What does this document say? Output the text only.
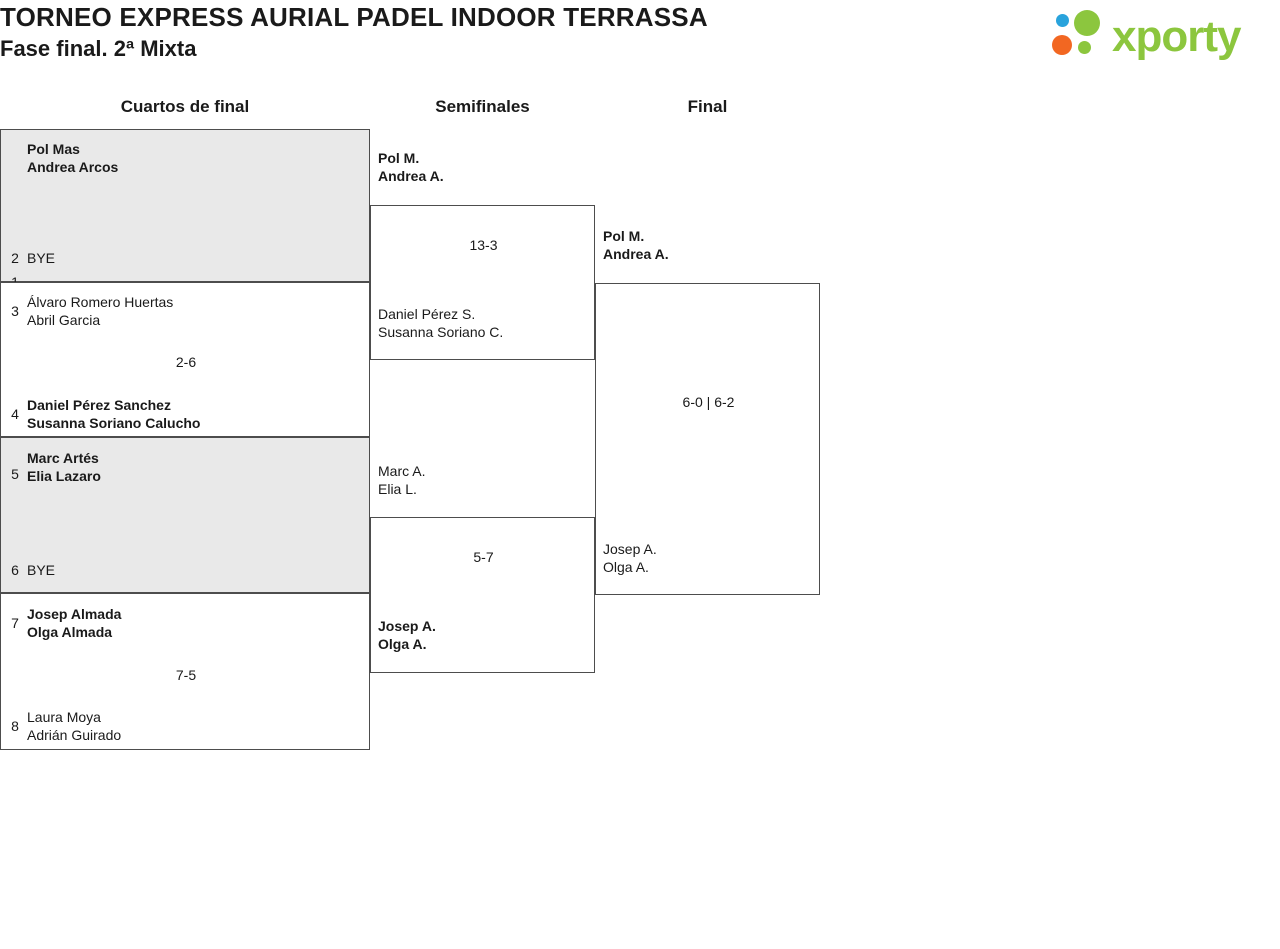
TORNEO EXPRESS AURIAL PADEL INDOOR TERRASSA
Fase final. 2ª Mixta	xporty
Cuartos de final	Semifinales	Final
Pol Mas
Andrea Arcos
2 BYE
3
Álvaro Romero Huertas
Abril Garcia
2-6
4
Daniel Pérez Sanchez
Susanna Soriano Calucho
5
Marc Artés
Elia Lazaro
6 BYE
7
Josep Almada
Olga Almada
7-5
8
Laura Moya
Adrián Guirado
Pol M.
Andrea A.
13-3
Daniel Pérez S.
Susanna Soriano C.
Marc A.
Elia L.
5-7
Josep A.
Olga A.
Pol M.
Andrea A.
6-0 | 6-2
Josep A.
Olga A.
